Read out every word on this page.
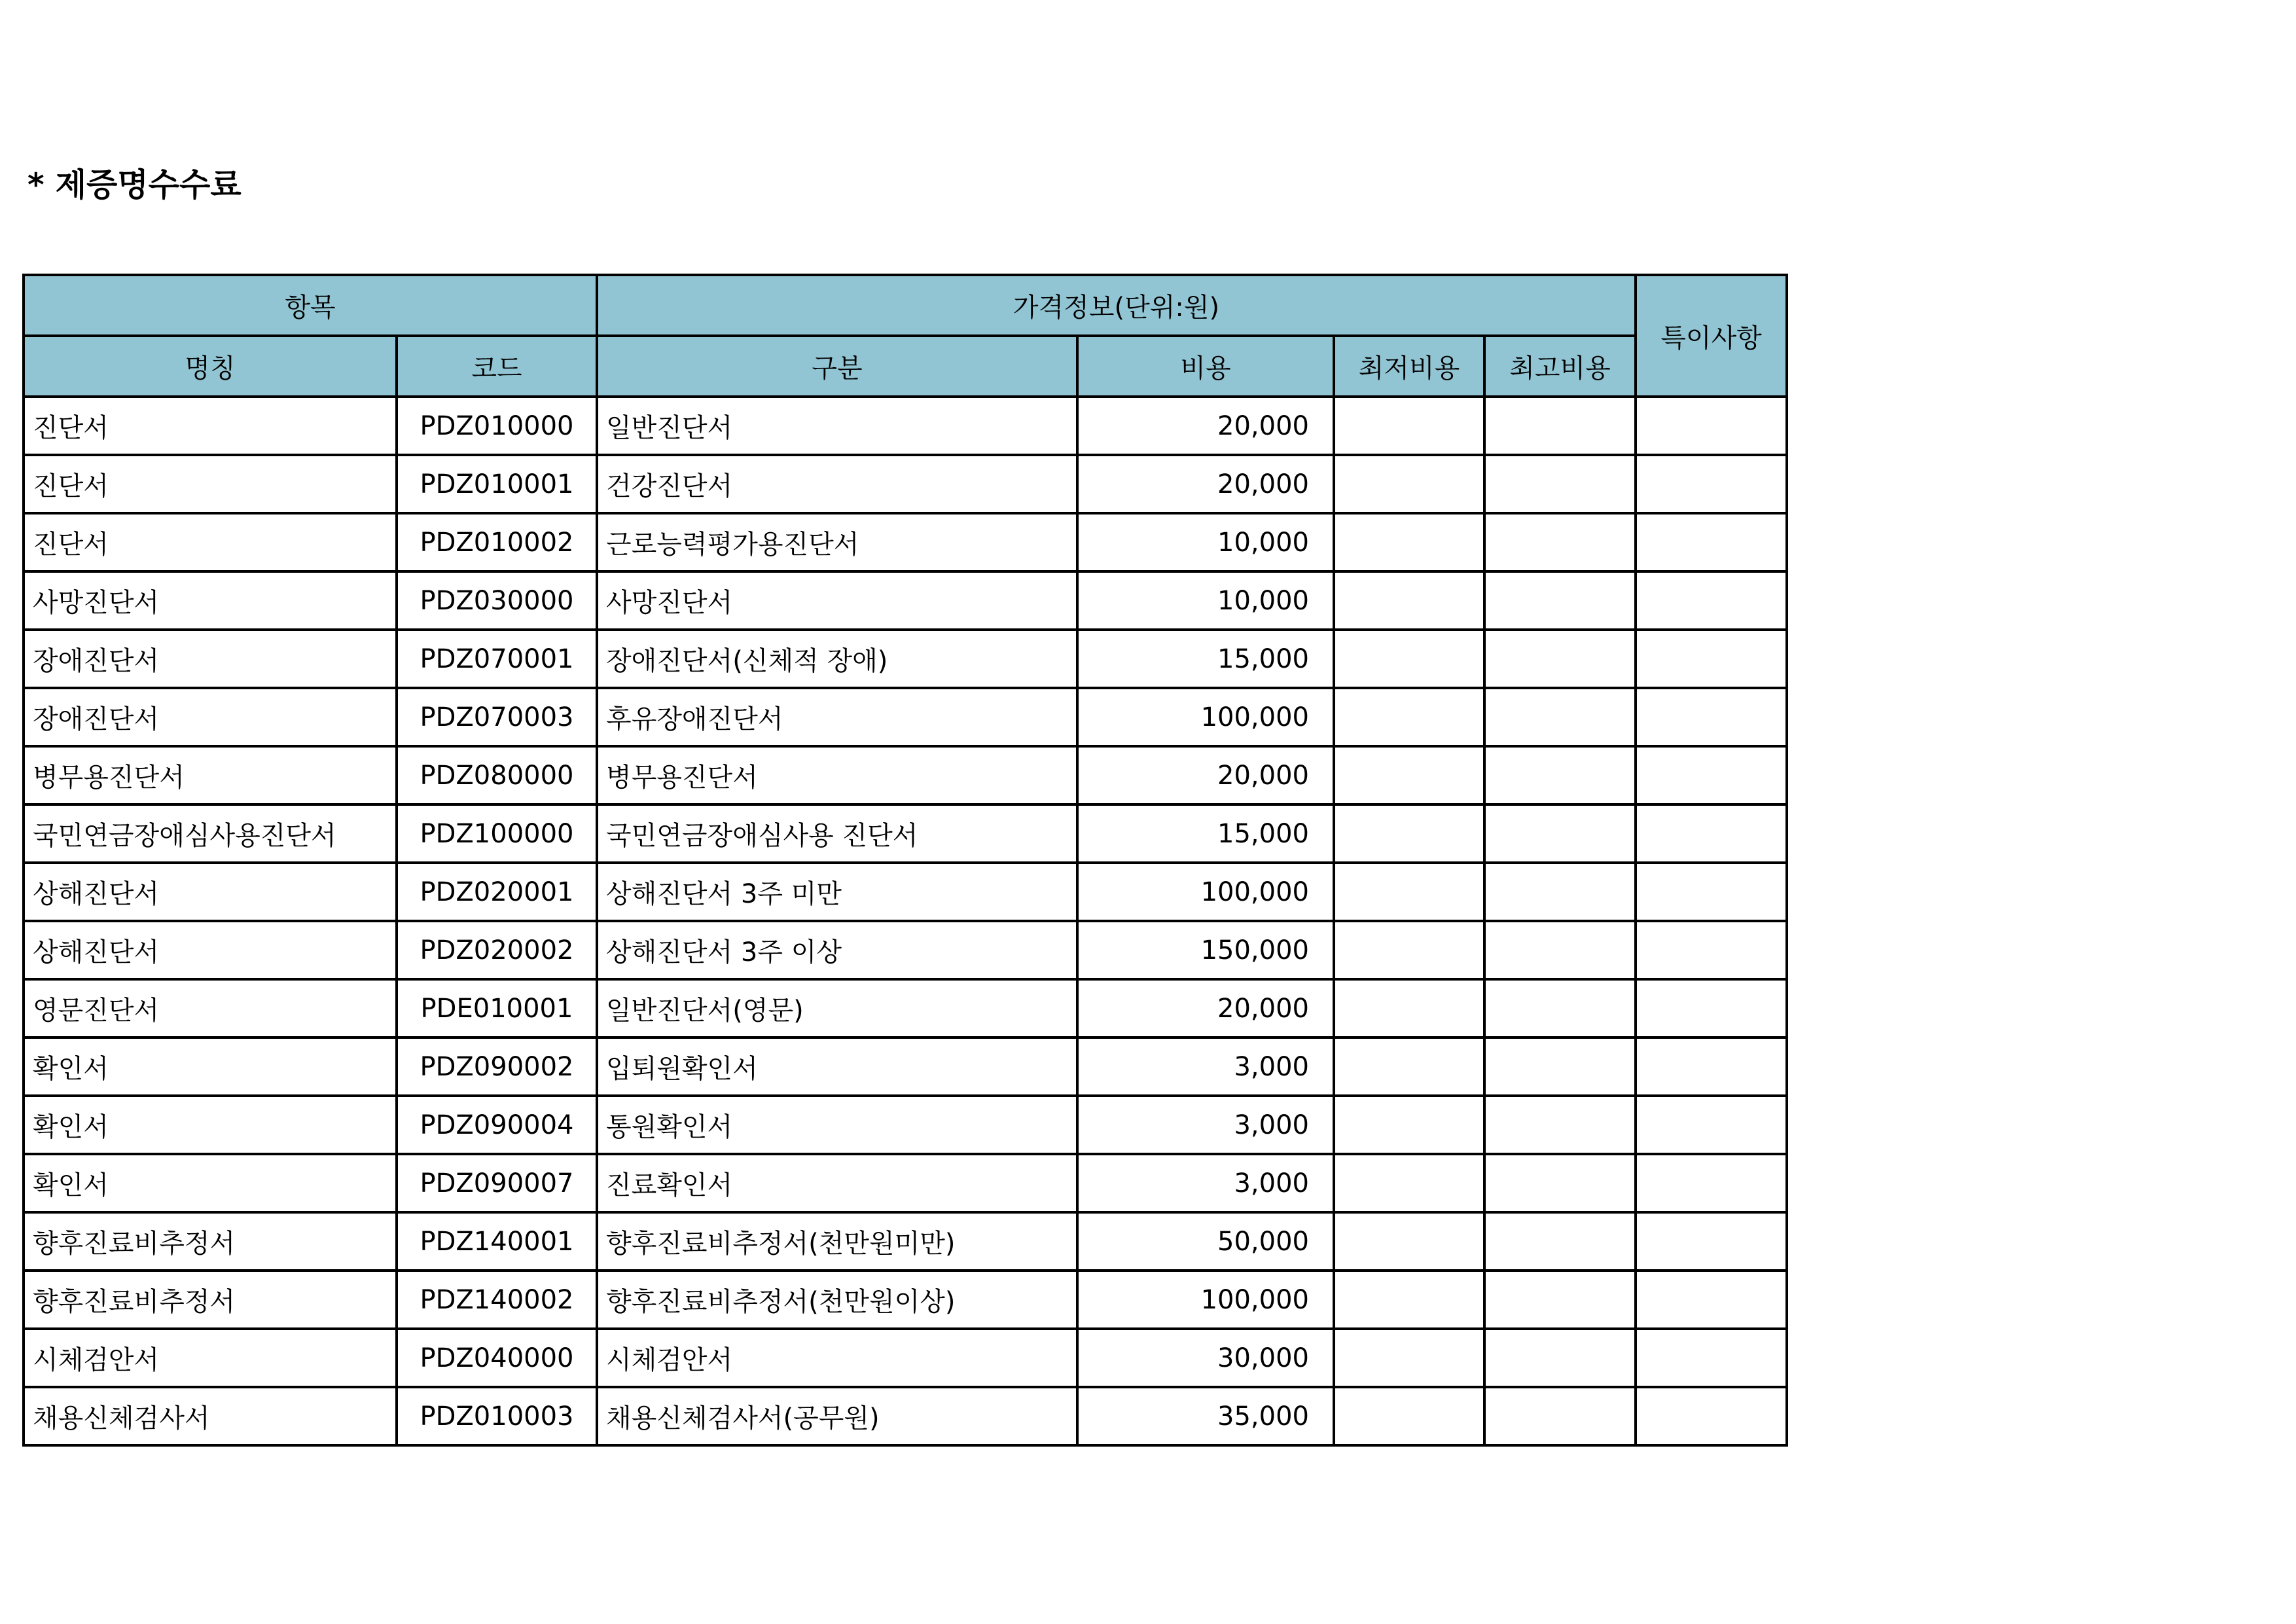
* 제증명수수료
항목		가격정보(단위:원)				특이사항
명칭	코드	구분	비용	최저비용	최고비용	
진단서	PDZ010000	일반진단서	20,000			
진단서	PDZ010001	건강진단서	20,000			
진단서	PDZ010002	근로능력평가용진단서	10,000			
사망진단서	PDZ030000	사망진단서	10,000			
장애진단서	PDZ070001	장애진단서(신체적 장애)	15,000			
장애진단서	PDZ070003	후유장애진단서	100,000			
병무용진단서	PDZ080000	병무용진단서	20,000			
국민연금장애심사용진단서	PDZ100000	국민연금장애심사용 진단서	15,000			
상해진단서	PDZ020001	상해진단서 3주 미만	100,000			
상해진단서	PDZ020002	상해진단서 3주 이상	150,000			
영문진단서	PDE010001	일반진단서(영문)	20,000			
확인서	PDZ090002	입퇴원확인서	3,000			
확인서	PDZ090004	통원확인서	3,000			
확인서	PDZ090007	진료확인서	3,000			
향후진료비추정서	PDZ140001	향후진료비추정서(천만원미만)	50,000			
향후진료비추정서	PDZ140002	향후진료비추정서(천만원이상)	100,000			
시체검안서	PDZ040000	시체검안서	30,000			
채용신체검사서	PDZ010003	채용신체검사서(공무원)	35,000			
